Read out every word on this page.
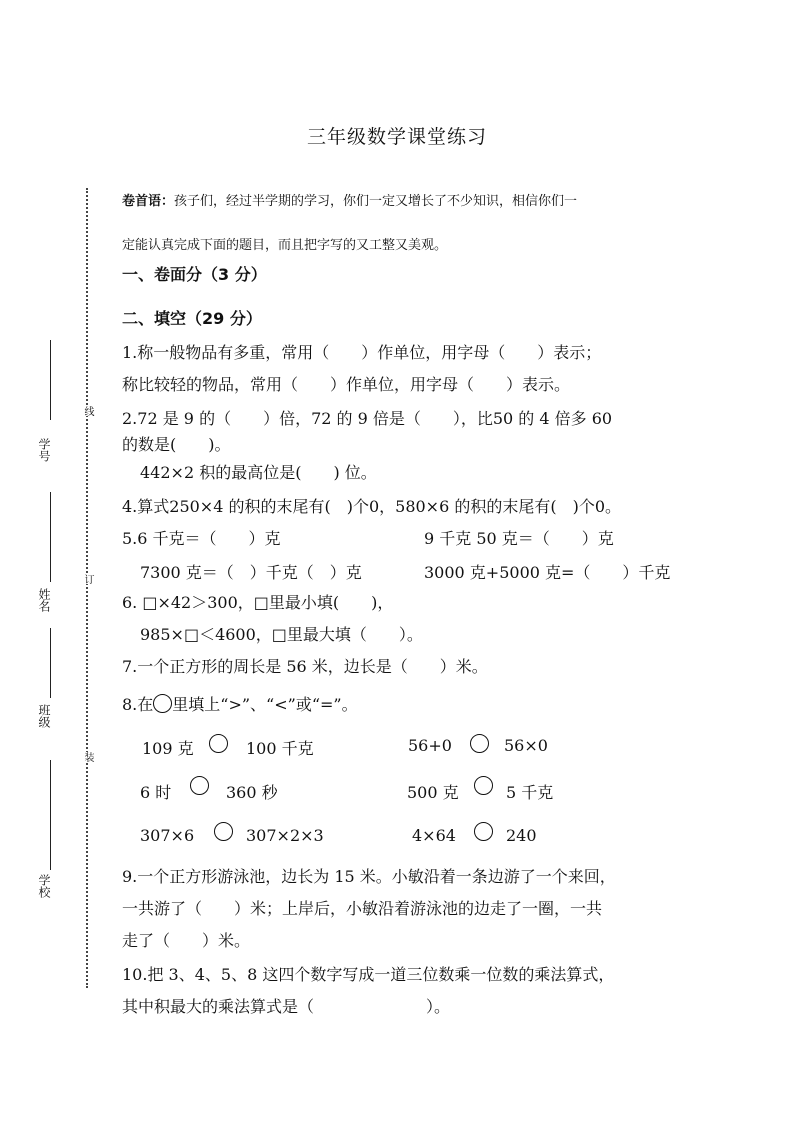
学号
姓名
班级
学校
线
订
装
三年级数学课堂练习
卷首语：孩子们，经过半学期的学习，你们一定又增长了不少知识，相信你们一
定能认真完成下面的题目，而且把字写的又工整又美观。
一、卷面分（3 分）
二、填空（29 分）
1.称一般物品有多重，常用（　　）作单位，用字母（　　）表示；
称比较轻的物品，常用（　　）作单位，用字母（　　）表示。
2.72 是 9 的（　　）倍，72 的 9 倍是（　　），比50 的 4 倍多 60
的数是(　　)。
442×2 积的最高位是(　　) 位。
4.算式250×4 的积的末尾有(　)个0，580×6 的积的末尾有(　)个0。
5.6 千克＝（　　）克	9 千克 50 克＝（　　）克
7300 克＝（　）千克（　）克	3000 克+5000 克=（　　）千克
6. □×42＞300，□里最小填(　　)，
985×□＜4600，□里最大填（　　）。
7.一个正方形的周长是 56 米，边长是（　　）米。
8.在 里填上“>”、“<”或“=”。
109 克	100 千克	56+0	56×0
6 时	360 秒	500 克	5 千克
307×6	307×2×3	4×64	240
9.一个正方形游泳池，边长为 15 米。小敏沿着一条边游了一个来回，
一共游了（　　）米；上岸后，小敏沿着游泳池的边走了一圈，一共
走了（　　）米。
10.把 3、4、5、8 这四个数字写成一道三位数乘一位数的乘法算式，
其中积最大的乘法算式是（　　　　　　　）。
